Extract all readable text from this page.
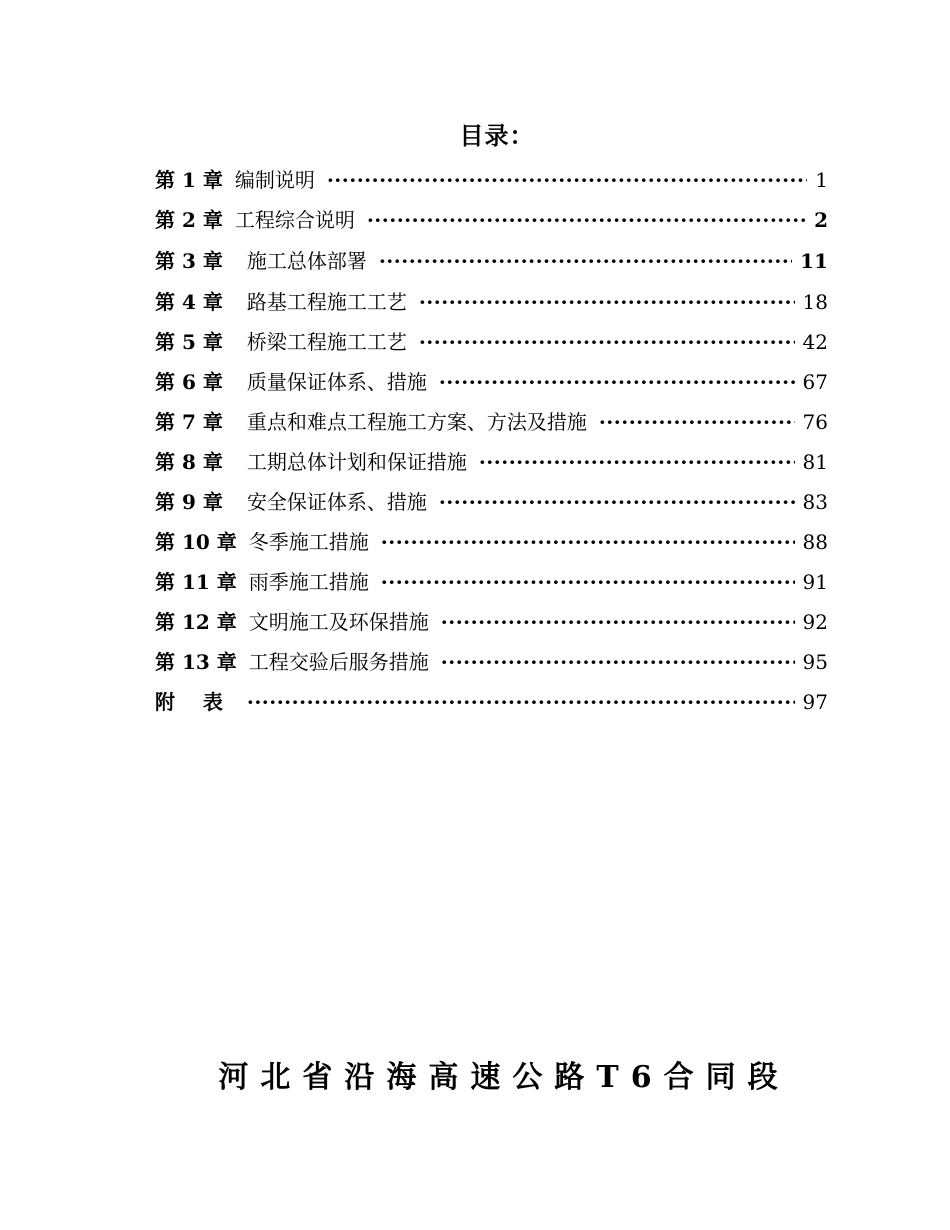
目录：
第 1 章 编制说明 ·····	1
第 2 章 工程综合说明 ·····	2
第 3 章 施工总体部署 ·····	11
第 4 章 路基工程施工工艺 ·····	18
第 5 章 桥梁工程施工工艺 ·····	42
第 6 章 质量保证体系、措施 ·····	67
第 7 章 重点和难点工程施工方案、方法及措施 ·····	76
第 8 章 工期总体计划和保证措施 ·····	81
第 9 章 安全保证体系、措施 ·····	83
第 10 章 冬季施工措施 ·····	88
第 11 章 雨季施工措施 ·····	91
第 12 章 文明施工及环保措施 ·····	92
第 13 章 工程交验后服务措施 ·····	95
附    表 ·····	97
河北省沿海高速公路T6合同段
